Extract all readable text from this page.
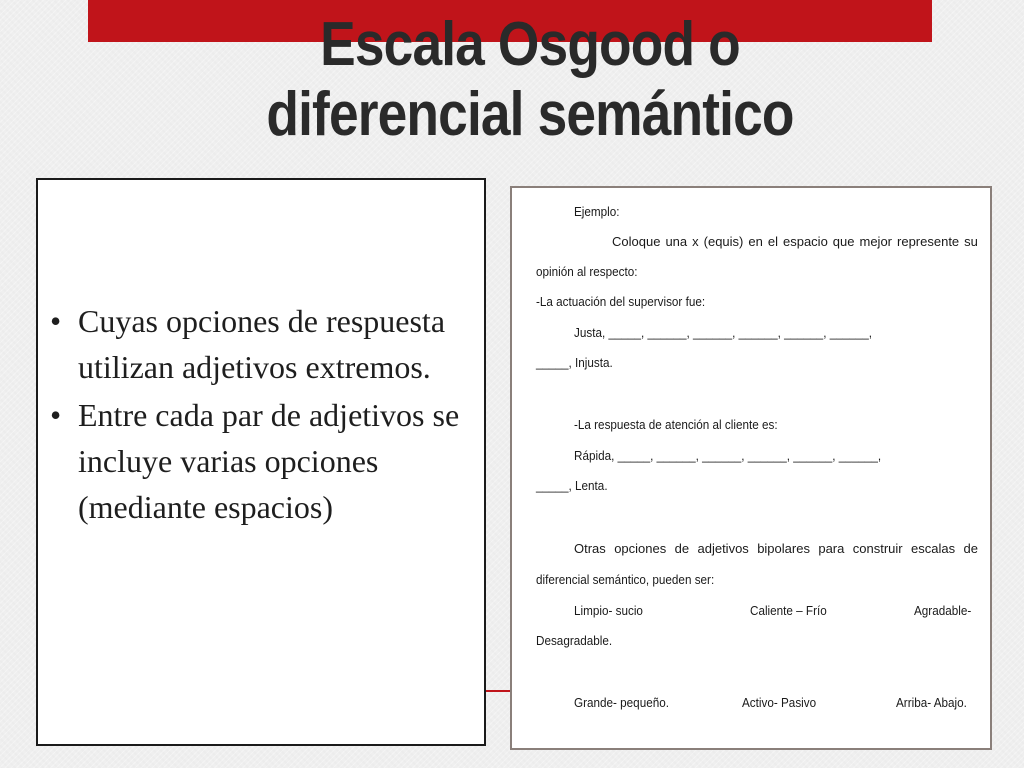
Escala Osgood o
diferencial semántico
• Cuyas opciones de respuesta utilizan adjetivos extremos.
• Entre cada par de adjetivos se incluye varias opciones (mediante espacios)
Ejemplo:
Coloque una x (equis) en el espacio que mejor represente su
opinión al respecto:
-La actuación del supervisor fue:
Justa, _____, ______, ______, ______, ______, ______,
_____, Injusta.
-La respuesta de atención al cliente es:
Rápida, _____, ______, ______, ______, ______, ______,
_____, Lenta.
Otras opciones de adjetivos bipolares para construir escalas de
diferencial semántico, pueden ser:
Limpio- sucio	Caliente – Frío	Agradable-
Desagradable.
Grande- pequeño.	Activo- Pasivo	Arriba- Abajo.
